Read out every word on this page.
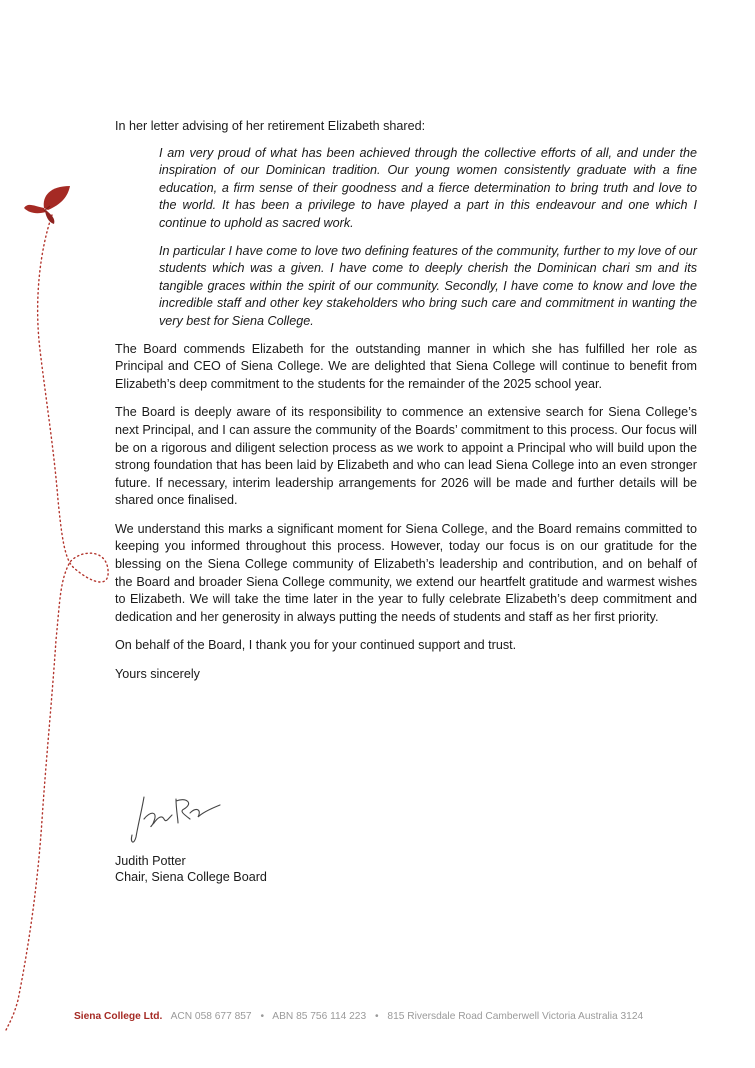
In her letter advising of her retirement Elizabeth shared:

I am very proud of what has been achieved through the collective efforts of all, and under the inspiration of our Dominican tradition. Our young women consistently graduate with a fine education, a firm sense of their goodness and a fierce determination to bring truth and love to the world. It has been a privilege to have played a part in this endeavour and one which I continue to uphold as sacred work.

In particular I have come to love two defining features of the community, further to my love of our students which was a given. I have come to deeply cherish the Dominican chari sm and its tangible graces within the spirit of our community. Secondly, I have come to know and love the incredible staff and other key stakeholders who bring such care and commitment in wanting the very best for Siena College.

The Board commends Elizabeth for the outstanding manner in which she has fulfilled her role as Principal and CEO of Siena College. We are delighted that Siena College will continue to benefit from Elizabeth’s deep commitment to the students for the remainder of the 2025 school year.

The Board is deeply aware of its responsibility to commence an extensive search for Siena College’s next Principal, and I can assure the community of the Boards’ commitment to this process. Our focus will be on a rigorous and diligent selection process as we work to appoint a Principal who will build upon the strong foundation that has been laid by Elizabeth and who can lead Siena College into an even stronger future. If necessary, interim leadership arrangements for 2026 will be made and further details will be shared once finalised.

We understand this marks a significant moment for Siena College, and the Board remains committed to keeping you informed throughout this process. However, today our focus is on our gratitude for the blessing on the Siena College community of Elizabeth’s leadership and contribution, and on behalf of the Board and broader Siena College community, we extend our heartfelt gratitude and warmest wishes to Elizabeth. We will take the time later in the year to fully celebrate Elizabeth’s deep commitment and dedication and her generosity in always putting the needs of students and staff as her first priority.

On behalf of the Board, I thank you for your continued support and trust.

Yours sincerely

Judith Potter
Chair, Siena College Board
Siena College Ltd. ACN 058 677 857 • ABN 85 756 114 223 • 815 Riversdale Road Camberwell Victoria Australia 3124
